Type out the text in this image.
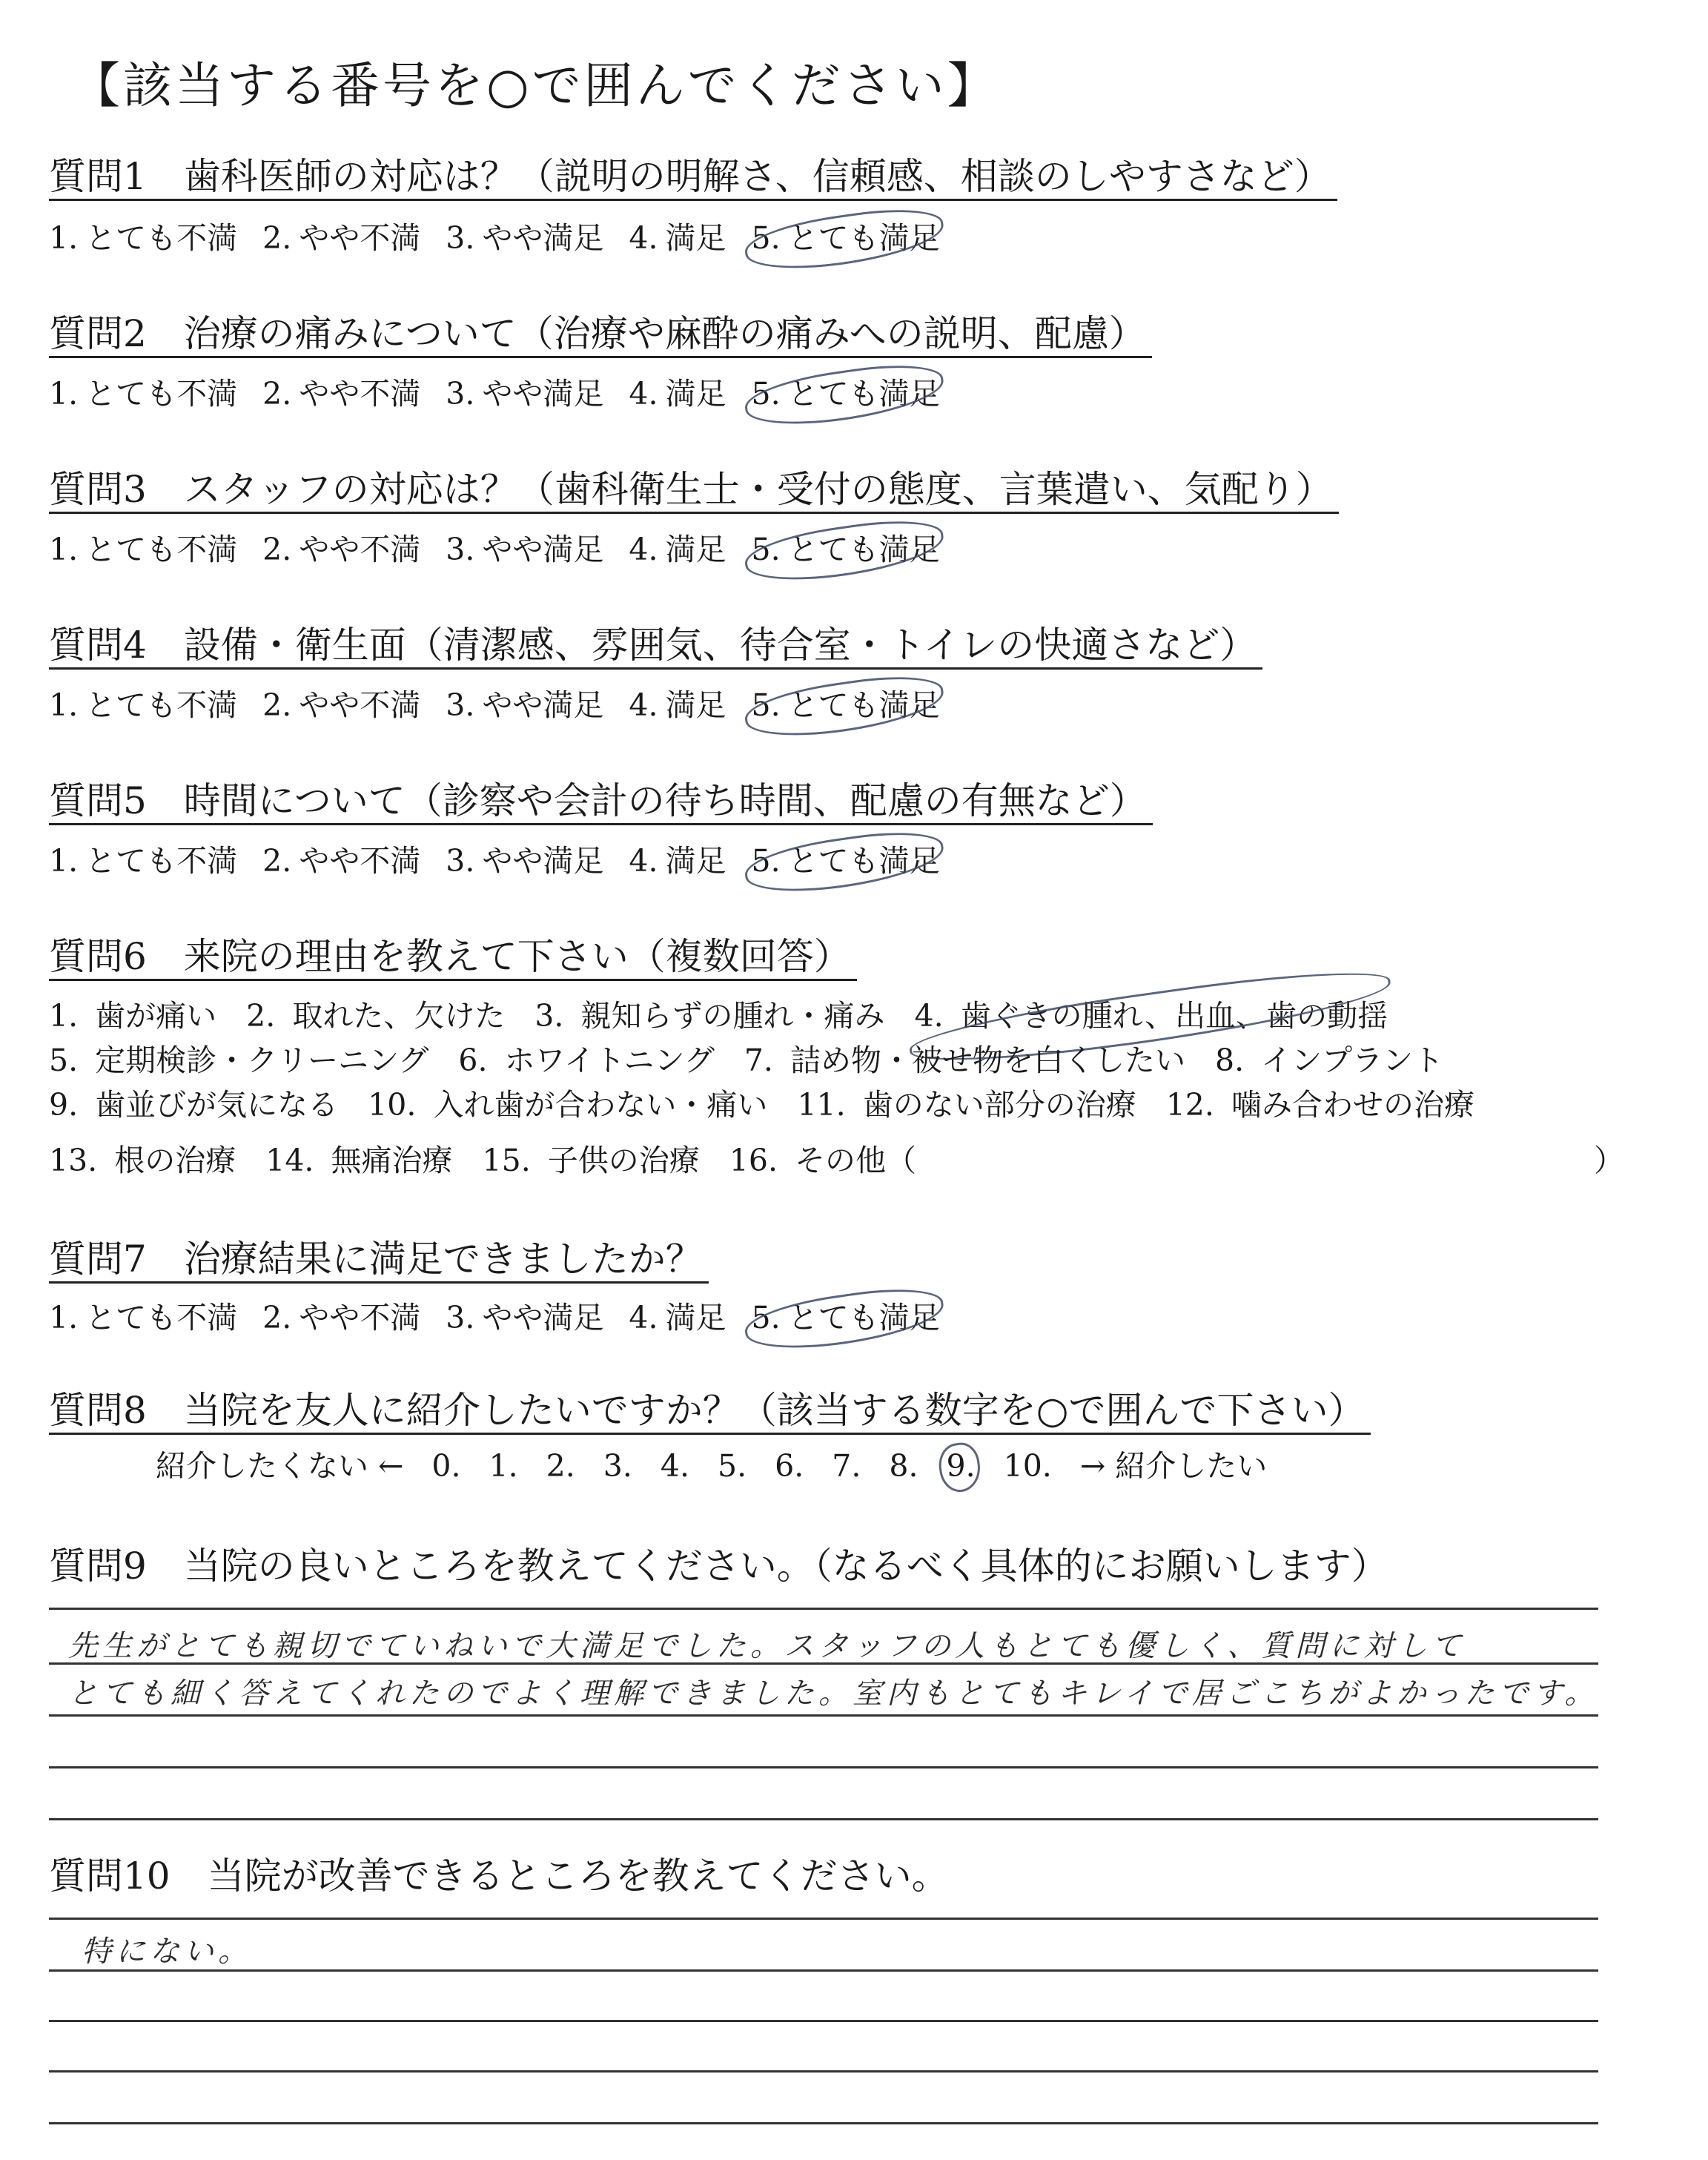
【該当する番号を○で囲んでください】
質問1　歯科医師の対応は？（説明の明解さ、信頼感、相談のしやすさなど）
1. とても不満 2. やや不満 3. やや満足 4. 満足 5. とても満足
質問2　治療の痛みについて（治療や麻酔の痛みへの説明、配慮）
1. とても不満 2. やや不満 3. やや満足 4. 満足 5. とても満足
質問3　スタッフの対応は？（歯科衛生士・受付の態度、言葉遣い、気配り）
1. とても不満 2. やや不満 3. やや満足 4. 満足 5. とても満足
質問4　設備・衛生面（清潔感、雰囲気、待合室・トイレの快適さなど）
1. とても不満 2. やや不満 3. やや満足 4. 満足 5. とても満足
質問5　時間について（診察や会計の待ち時間、配慮の有無など）
1. とても不満 2. やや不満 3. やや満足 4. 満足 5. とても満足
質問6　来院の理由を教えて下さい（複数回答）
1. 歯が痛い 2. 取れた、欠けた 3. 親知らずの腫れ・痛み 4. 歯ぐきの腫れ、出血、歯の動揺
5. 定期検診・クリーニング 6. ホワイトニング 7. 詰め物・被せ物を白くしたい 8. インプラント
9. 歯並びが気になる 10. 入れ歯が合わない・痛い 11. 歯のない部分の治療 12. 噛み合わせの治療
13. 根の治療 14. 無痛治療 15. 子供の治療 16. その他（	）
質問7　治療結果に満足できましたか？
1. とても不満 2. やや不満 3. やや満足 4. 満足 5. とても満足
質問8　当院を友人に紹介したいですか？（該当する数字を○で囲んで下さい）
紹介したくない ← 0. 1. 2. 3. 4. 5. 6. 7. 8. 9. 10. → 紹介したい
質問9　当院の良いところを教えてください。（なるべく具体的にお願いします）
先生がとても親切でていねいで大満足でした。スタッフの人もとても優しく、質問に対して
とても細く答えてくれたのでよく理解できました。室内もとてもキレイで居ごこちがよかったです。
質問10　当院が改善できるところを教えてください。
特にない。
